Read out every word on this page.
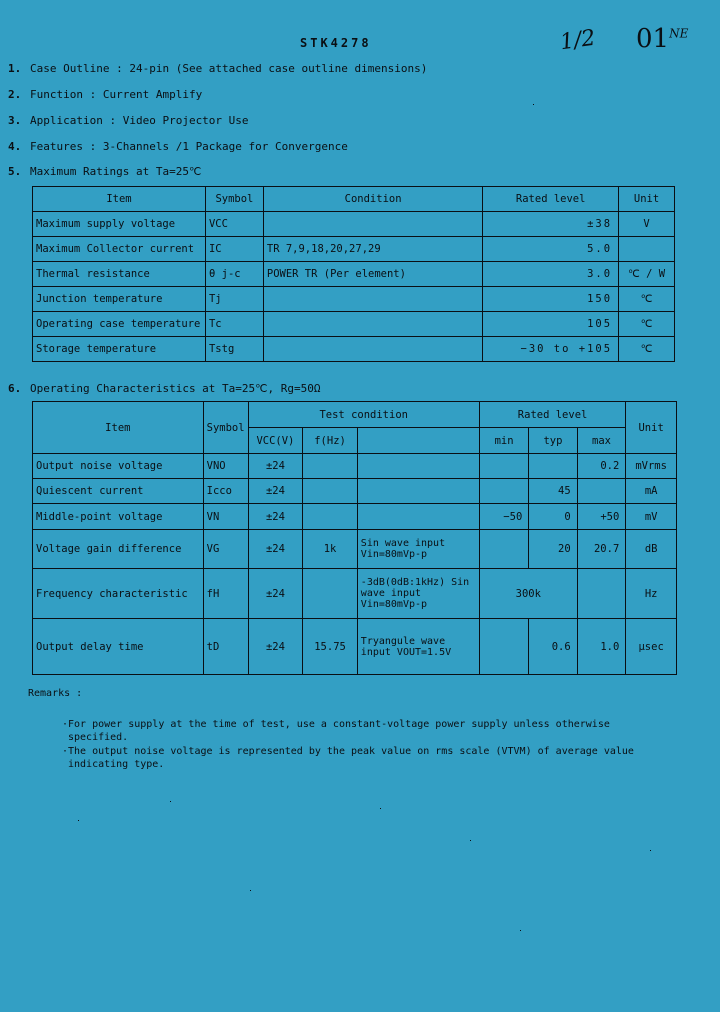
STK4278	1/2 $01^{NE}$
1. Case Outline : 24-pin (See attached case outline dimensions)
2. Function : Current Amplify
3. Application : Video Projector Use
4. Features : 3-Channels /1 Package for Convergence
5. Maximum Ratings at Ta=25℃
Item	Symbol	Condition	Rated level	Unit
Maximum supply voltage	VCC		±38	V
Maximum Collector current	IC	TR 7,9,18,20,27,29	5.0	
Thermal resistance	θ j-c	POWER TR (Per element)	3.0	℃ / W
Junction temperature	Tj		150	℃
Operating case temperature	Tc		105	℃
Storage temperature	Tstg		−30 to +105	℃
6. Operating Characteristics at Ta=25℃, Rg=50Ω
Item	Symbol	Test condition			Rated level			Unit
		VCC(V)	f(Hz)		min	typ	max	
Output noise voltage	VNO	±24					0.2	mVrms
Quiescent current	Icco	±24				45		mA
Middle-point voltage	VN	±24			−50	0	+50	mV
Voltage gain difference	VG	±24	1k	Sin wave input Vin=80mVp-p		20	20.7	dB
Frequency characteristic	fH	±24		-3dB(0dB:1kHz) Sin wave input Vin=80mVp-p	300k			Hz
Output delay time	tD	±24	15.75	Tryangule wave input VOUT=1.5V		0.6	1.0	μsec
Remarks :
·For power supply at the time of test, use a constant-voltage power supply unless otherwise
specified.
·The output noise voltage is represented by the peak value on rms scale (VTVM) of average value
indicating type.
